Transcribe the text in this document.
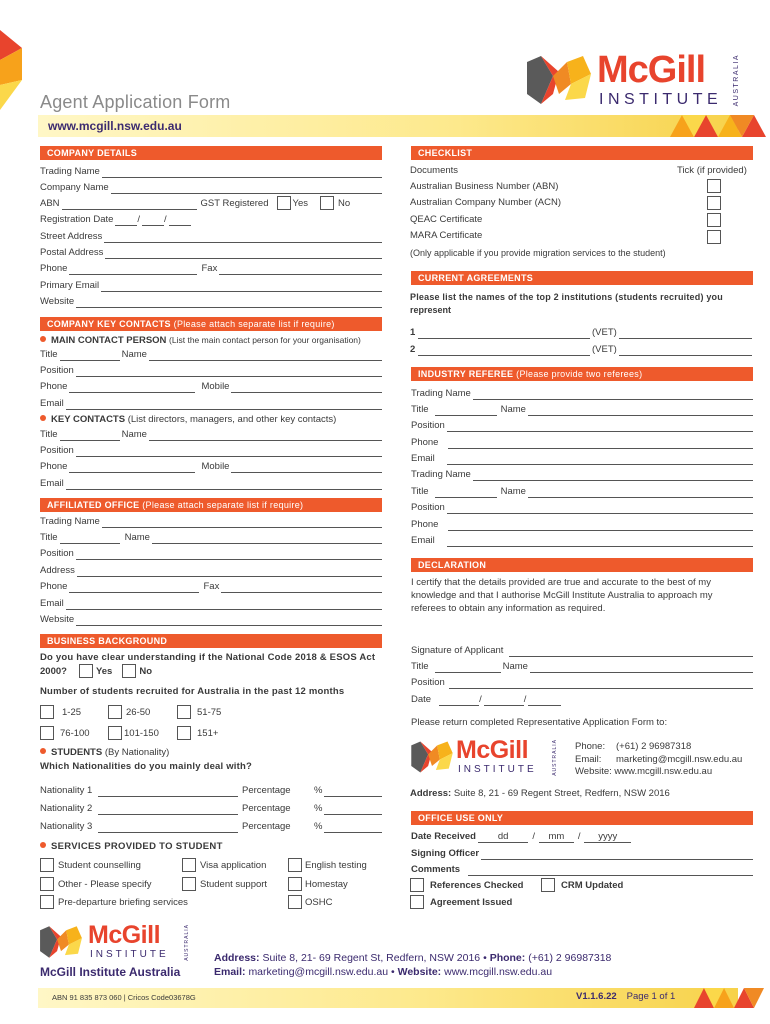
Agent Application Form
McGill
INSTITUTE AUSTRALIA
www.mcgill.nsw.edu.au
COMPANY DETAILS
Trading Name
Company Name
ABN	GST Registered	Yes	No
Registration Date	/	/
Street Address
Postal Address
Phone	Fax
Primary Email
Website
COMPANY KEY CONTACTS (Please attach separate list if require)
MAIN CONTACT PERSON (List the main contact person for your organisation)
Title	Name
Position
Phone	Mobile
Email
KEY CONTACTS (List directors, managers, and other key contacts)
Title	Name
Position
Phone	Mobile
Email
AFFILIATED OFFICE (Please attach separate list if require)
Trading Name
Title	Name
Position
Address
Phone	Fax
Email
Website
BUSINESS BACKGROUND
Do you have clear understanding if the National Code 2018 & ESOS Act
2000?	Yes	No
Number of students recruited for Australia in the past 12 months
1-25	26-50	51-75
76-100	101-150	151+
STUDENTS (By Nationality)
Which Nationalities do you mainly deal with?
Nationality 1	Percentage	%
Nationality 2	Percentage	%
Nationality 3	Percentage	%
SERVICES PROVIDED TO STUDENT
Student counselling	Visa application	English testing
Other - Please specify	Student support	Homestay
Pre-departure briefing services	OSHC
CHECKLIST
Documents	Tick (if provided)
Australian Business Number (ABN)
Australian Company Number (ACN)
QEAC Certificate
MARA Certificate
(Only applicable if you provide migration services to the student)
CURRENT AGREEMENTS
Please list the names of the top 2 institutions (students recruited) you
represent
1	(VET)
2	(VET)
INDUSTRY REFEREE (Please provide two referees)
Trading Name
Title	Name
Position
Phone
Email
Trading Name
Title	Name
Position
Phone
Email
DECLARATION
I certify that the details provided are true and accurate to the best of my
knowledge and that I authorise McGill Institute Australia to approach my
referees to obtain any information as required.
Signature of Applicant
Title	Name
Position
Date	/	/
Please return completed Representative Application Form to:
McGill
INSTITUTE	AUSTRALIA Phone: (+61) 2 96987318
Email: marketing@mcgill.nsw.edu.au
Website: www.mcgill.nsw.edu.au
Address: Suite 8, 21 - 69 Regent Street, Redfern, NSW 2016
OFFICE USE ONLY
Date Received	dd	/	mm	/	yyyy
Signing Officer
Comments
References Checked	CRM Updated
Agreement Issued
McGill
INSTITUTE	AUSTRALIA
McGill Institute Australia
Address: Suite 8, 21- 69 Regent St, Redfern, NSW 2016 • Phone: (+61) 2 96987318
Email: marketing@mcgill.nsw.edu.au • Website: www.mcgill.nsw.edu.au
ABN 91 835 873 060 | Cricos Code03678G	V1.1.6.22 Page 1 of 1
